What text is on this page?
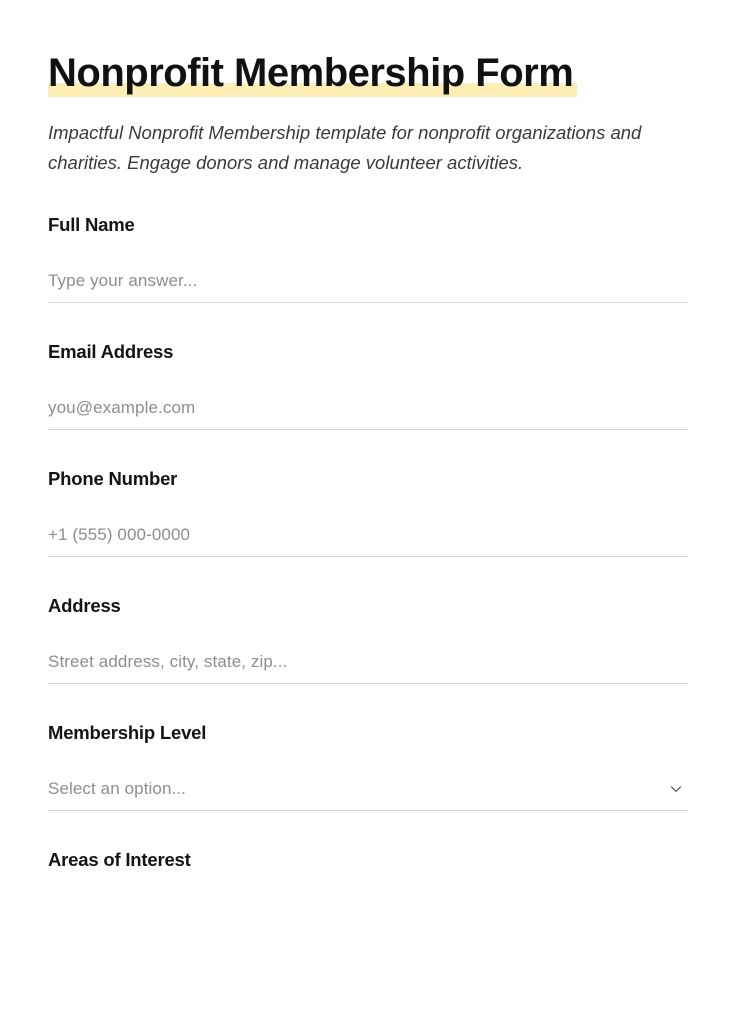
Nonprofit Membership Form

Impactful Nonprofit Membership template for nonprofit organizations and charities. Engage donors and manage volunteer activities.

Full Name
Type your answer...
Email Address
you@example.com
Phone Number
+1 (555) 000-0000
Address
Street address, city, state, zip...
Membership Level
Select an option...
Areas of Interest
